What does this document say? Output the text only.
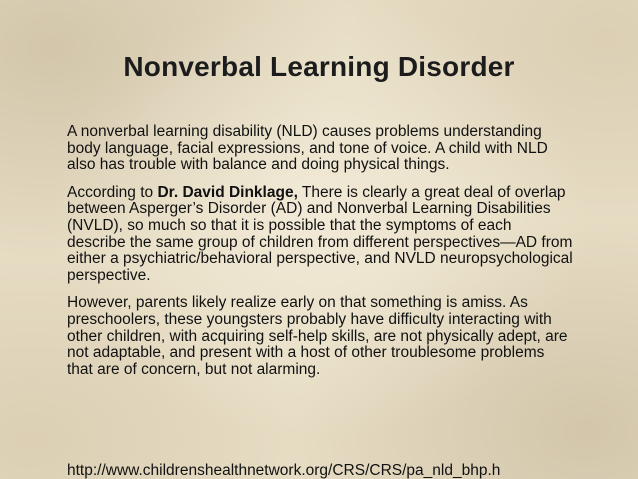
Nonverbal Learning Disorder

A nonverbal learning disability (NLD) causes problems understanding body language, facial expressions, and tone of voice. A child with NLD also has trouble with balance and doing physical things.

According to Dr. David Dinklage, There is clearly a great deal of overlap between Asperger’s Disorder (AD) and Nonverbal Learning Disabilities (NVLD), so much so that it is possible that the symptoms of each describe the same group of children from different perspectives—AD from either a psychiatric/behavioral perspective, and NVLD neuropsychological perspective.

However, parents likely realize early on that something is amiss. As preschoolers, these youngsters probably have difficulty interacting with other children, with acquiring self-help skills, are not physically adept, are not adaptable, and present with a host of other troublesome problems that are of concern, but not alarming.

http://www.childrenshealthnetwork.org/CRS/CRS/pa_nld_bhp.h
